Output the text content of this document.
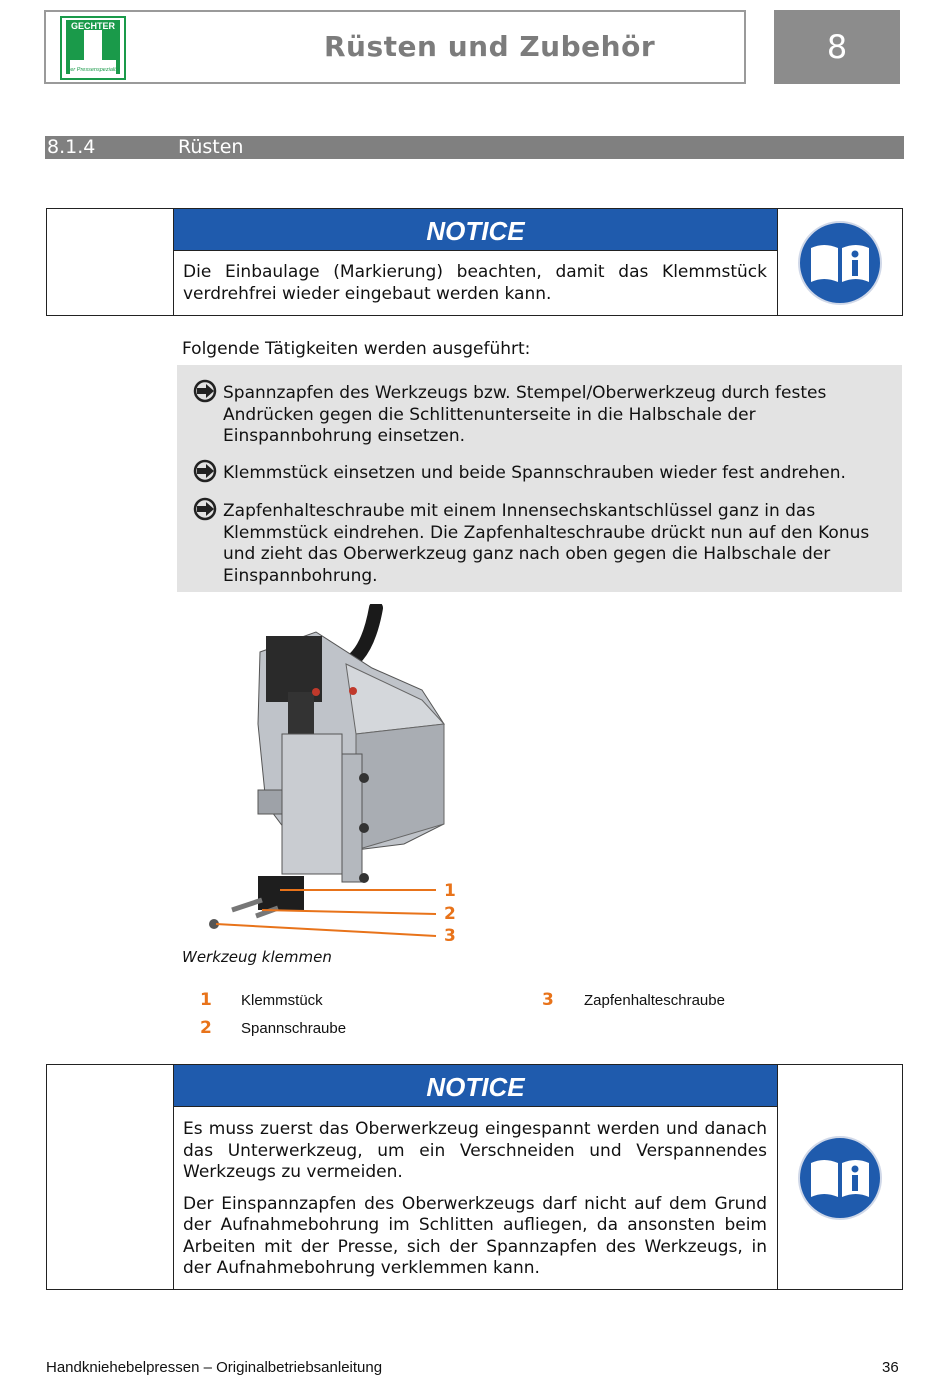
GECHTER
Der Pressenspezialist
Rüsten und Zubehör	8
8.1.4	Rüsten
NOTICE
Die Einbaulage (Markierung) beachten, damit das Klemmstück verdrehfrei wieder eingebaut werden kann.
Folgende Tätigkeiten werden ausgeführt:
Spannzapfen des Werkzeugs bzw. Stempel/Oberwerkzeug durch festes Andrücken gegen die Schlittenunterseite in die Halbschale der Einspannbohrung einsetzen.
Klemmstück einsetzen und beide Spannschrauben wieder fest andrehen.
Zapfenhalteschraube mit einem Innensechskantschlüssel ganz in das Klemmstück eindrehen. Die Zapfenhalteschraube drückt nun auf den Konus und zieht das Oberwerkzeug ganz nach oben gegen die Halbschale der Einspannbohrung.
1
2
3
Werkzeug klemmen
1 Klemmstück
2 Spannschraube
3 Zapfenhalteschraube
NOTICE

Es muss zuerst das Oberwerkzeug eingespannt werden und danach das Unterwerkzeug, um ein Verschneiden und Verspannendes Werkzeugs zu vermeiden.

Der Einspannzapfen des Oberwerkzeugs darf nicht auf dem Grund der Aufnahmebohrung im Schlitten aufliegen, da ansonsten beim Arbeiten mit der Presse, sich der Spannzapfen des Werkzeugs, in der Aufnahmebohrung verklemmen kann.

Handkniehebelpressen – Originalbetriebsanleitung	36
